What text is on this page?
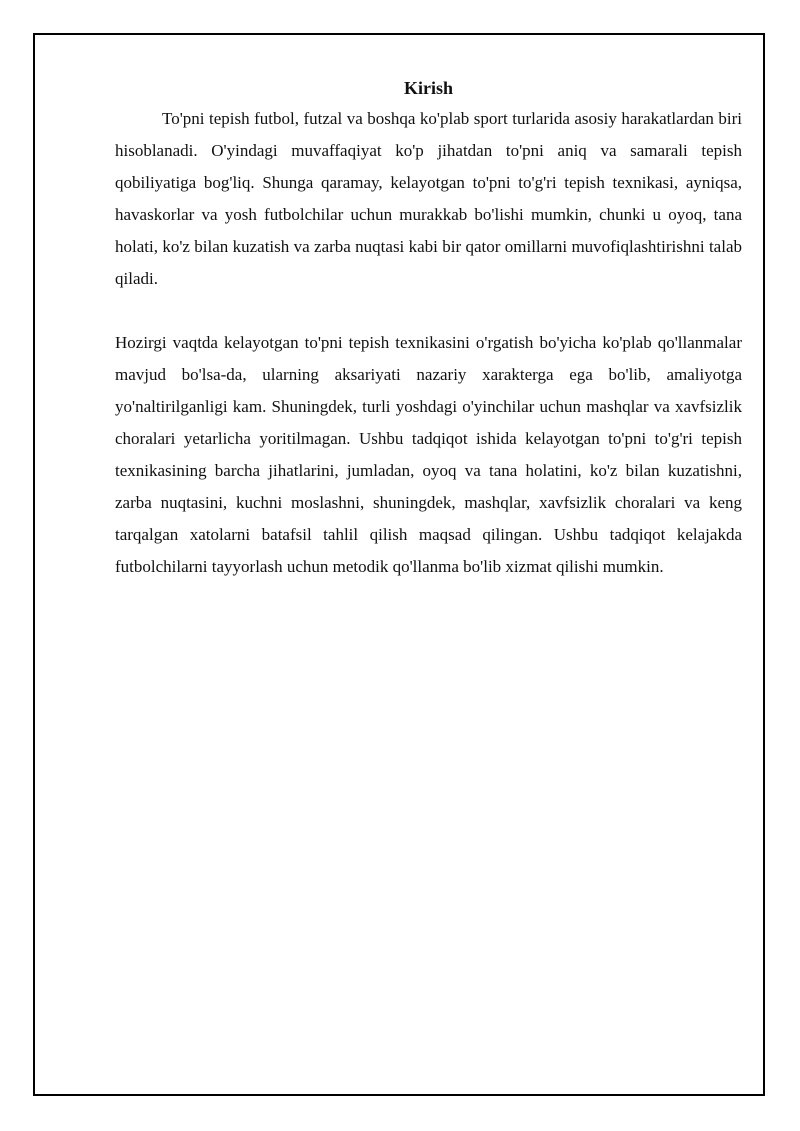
Kirish

To'pni tepish futbol, futzal va boshqa ko'plab sport turlarida asosiy harakatlardan biri hisoblanadi. O'yindagi muvaffaqiyat ko'p jihatdan to'pni aniq va samarali tepish qobiliyatiga bog'liq. Shunga qaramay, kelayotgan to'pni to'g'ri tepish texnikasi, ayniqsa, havaskorlar va yosh futbolchilar uchun murakkab bo'lishi mumkin, chunki u oyoq, tana holati, ko'z bilan kuzatish va zarba nuqtasi kabi bir qator omillarni muvofiqlashtirishni talab qiladi.

Hozirgi vaqtda kelayotgan to'pni tepish texnikasini o'rgatish bo'yicha ko'plab qo'llanmalar mavjud bo'lsa-da, ularning aksariyati nazariy xarakterga ega bo'lib, amaliyotga yo'naltirilganligi kam. Shuningdek, turli yoshdagi o'yinchilar uchun mashqlar va xavfsizlik choralari yetarlicha yoritilmagan. Ushbu tadqiqot ishida kelayotgan to'pni to'g'ri tepish texnikasining barcha jihatlarini, jumladan, oyoq va tana holatini, ko'z bilan kuzatishni, zarba nuqtasini, kuchni moslashni, shuningdek, mashqlar, xavfsizlik choralari va keng tarqalgan xatolarni batafsil tahlil qilish maqsad qilingan. Ushbu tadqiqot kelajakda futbolchilarni tayyorlash uchun metodik qo'llanma bo'lib xizmat qilishi mumkin.
